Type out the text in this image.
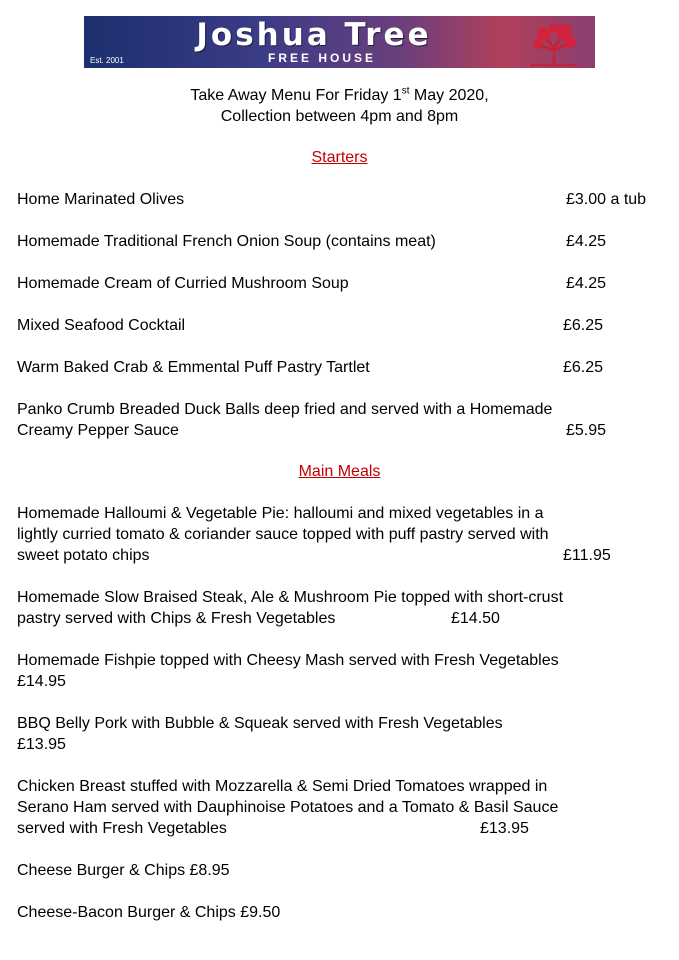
Joshua Tree
FREE HOUSE
Est. 2001
Take Away Menu For Friday 1st May 2020,
Collection between 4pm and 8pm
Starters
Home Marinated Olives	£3.00 a tub
Homemade Traditional French Onion Soup (contains meat)	£4.25
Homemade Cream of Curried Mushroom Soup	£4.25
Mixed Seafood Cocktail	£6.25
Warm Baked Crab & Emmental Puff Pastry Tartlet	£6.25
Panko Crumb Breaded Duck Balls deep fried and served with a Homemade
Creamy Pepper Sauce	£5.95
Main Meals
Homemade Halloumi & Vegetable Pie: halloumi and mixed vegetables in a
lightly curried tomato & coriander sauce topped with puff pastry served with
sweet potato chips	£11.95
Homemade Slow Braised Steak, Ale & Mushroom Pie topped with short-crust
pastry served with Chips & Fresh Vegetables	£14.50
Homemade Fishpie topped with Cheesy Mash served with Fresh Vegetables
£14.95
BBQ Belly Pork with Bubble & Squeak served with Fresh Vegetables
£13.95
Chicken Breast stuffed with Mozzarella & Semi Dried Tomatoes wrapped in
Serano Ham served with Dauphinoise Potatoes and a Tomato & Basil Sauce
served with Fresh Vegetables	£13.95
Cheese Burger & Chips £8.95
Cheese-Bacon Burger & Chips £9.50
